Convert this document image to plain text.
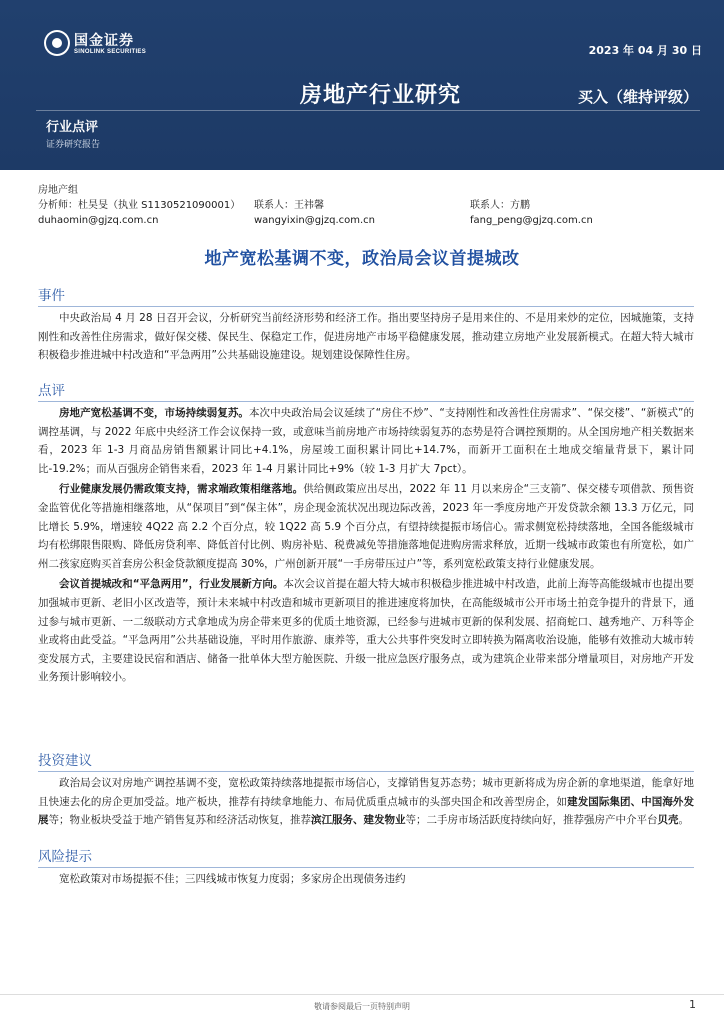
国金证券
SINOLINK SECURITIES	2023 年 04 月 30 日
房地产行业研究	买入（维持评级）
行业点评
证券研究报告
房地产组
分析师：杜昊旻（执业 S1130521090001） 联系人：王祎馨	联系人：方鹏
duhaomin@gjzq.com.cn	wangyixin@gjzq.com.cn	fang_peng@gjzq.com.cn
地产宽松基调不变，政治局会议首提城改
事件

中央政治局 4 月 28 日召开会议，分析研究当前经济形势和经济工作。指出要坚持房子是用来住的、不是用来炒的定位，因城施策，支持刚性和改善性住房需求，做好保交楼、保民生、保稳定工作，促进房地产市场平稳健康发展，推动建立房地产业发展新模式。在超大特大城市积极稳步推进城中村改造和“平急两用”公共基础设施建设。规划建设保障性住房。

点评

房地产宽松基调不变，市场持续弱复苏。本次中央政治局会议延续了“房住不炒”、“支持刚性和改善性住房需求”、“保交楼”、“新模式”的调控基调，与 2022 年底中央经济工作会议保持一致，或意味当前房地产市场持续弱复苏的态势是符合调控预期的。从全国房地产相关数据来看，2023 年 1-3 月商品房销售额累计同比+4.1%，房屋竣工面积累计同比+14.7%，而新开工面积在土地成交缩量背景下，累计同比-19.2%；而从百强房企销售来看，2023 年 1-4 月累计同比+9%（较 1-3 月扩大 7pct）。

行业健康发展仍需政策支持，需求端政策相继落地。供给侧政策应出尽出，2022 年 11 月以来房企“三支箭”、保交楼专项借款、预售资金监管优化等措施相继落地，从“保项目”到“保主体”，房企现金流状况出现边际改善，2023 年一季度房地产开发贷款余额 13.3 万亿元，同比增长 5.9%，增速较 4Q22 高 2.2 个百分点，较 1Q22 高 5.9 个百分点，有望持续提振市场信心。需求侧宽松持续落地，全国各能级城市均有松绑限售限购、降低房贷利率、降低首付比例、购房补贴、税费减免等措施落地促进购房需求释放，近期一线城市政策也有所宽松，如广州二孩家庭购买首套房公积金贷款额度提高 30%，广州创新开展“一手房带压过户”等，系列宽松政策支持行业健康发展。

会议首提城改和“平急两用”，行业发展新方向。本次会议首提在超大特大城市积极稳步推进城中村改造，此前上海等高能级城市也提出要加强城市更新、老旧小区改造等，预计未来城中村改造和城市更新项目的推进速度将加快，在高能级城市公开市场土拍竞争提升的背景下，通过参与城市更新、一二级联动方式拿地成为房企带来更多的优质土地资源，已经参与进城市更新的保利发展、招商蛇口、越秀地产、万科等企业或将由此受益。“平急两用”公共基础设施，平时用作旅游、康养等，重大公共事件突发时立即转换为隔离收治设施，能够有效推动大城市转变发展方式，主要建设民宿和酒店、储备一批单体大型方舱医院、升级一批应急医疗服务点，或为建筑企业带来部分增量项目，对房地产开发业务预计影响较小。

投资建议

政治局会议对房地产调控基调不变，宽松政策持续落地提振市场信心，支撑销售复苏态势；城市更新将成为房企新的拿地渠道，能拿好地且快速去化的房企更加受益。地产板块，推荐有持续拿地能力、布局优质重点城市的头部央国企和改善型房企，如建发国际集团、中国海外发展等；物业板块受益于地产销售复苏和经济活动恢复，推荐滨江服务、建发物业等；二手房市场活跃度持续向好，推荐强房产中介平台贝壳。

风险提示

宽松政策对市场提振不佳；三四线城市恢复力度弱；多家房企出现债务违约

敬请参阅最后一页特别声明	1
